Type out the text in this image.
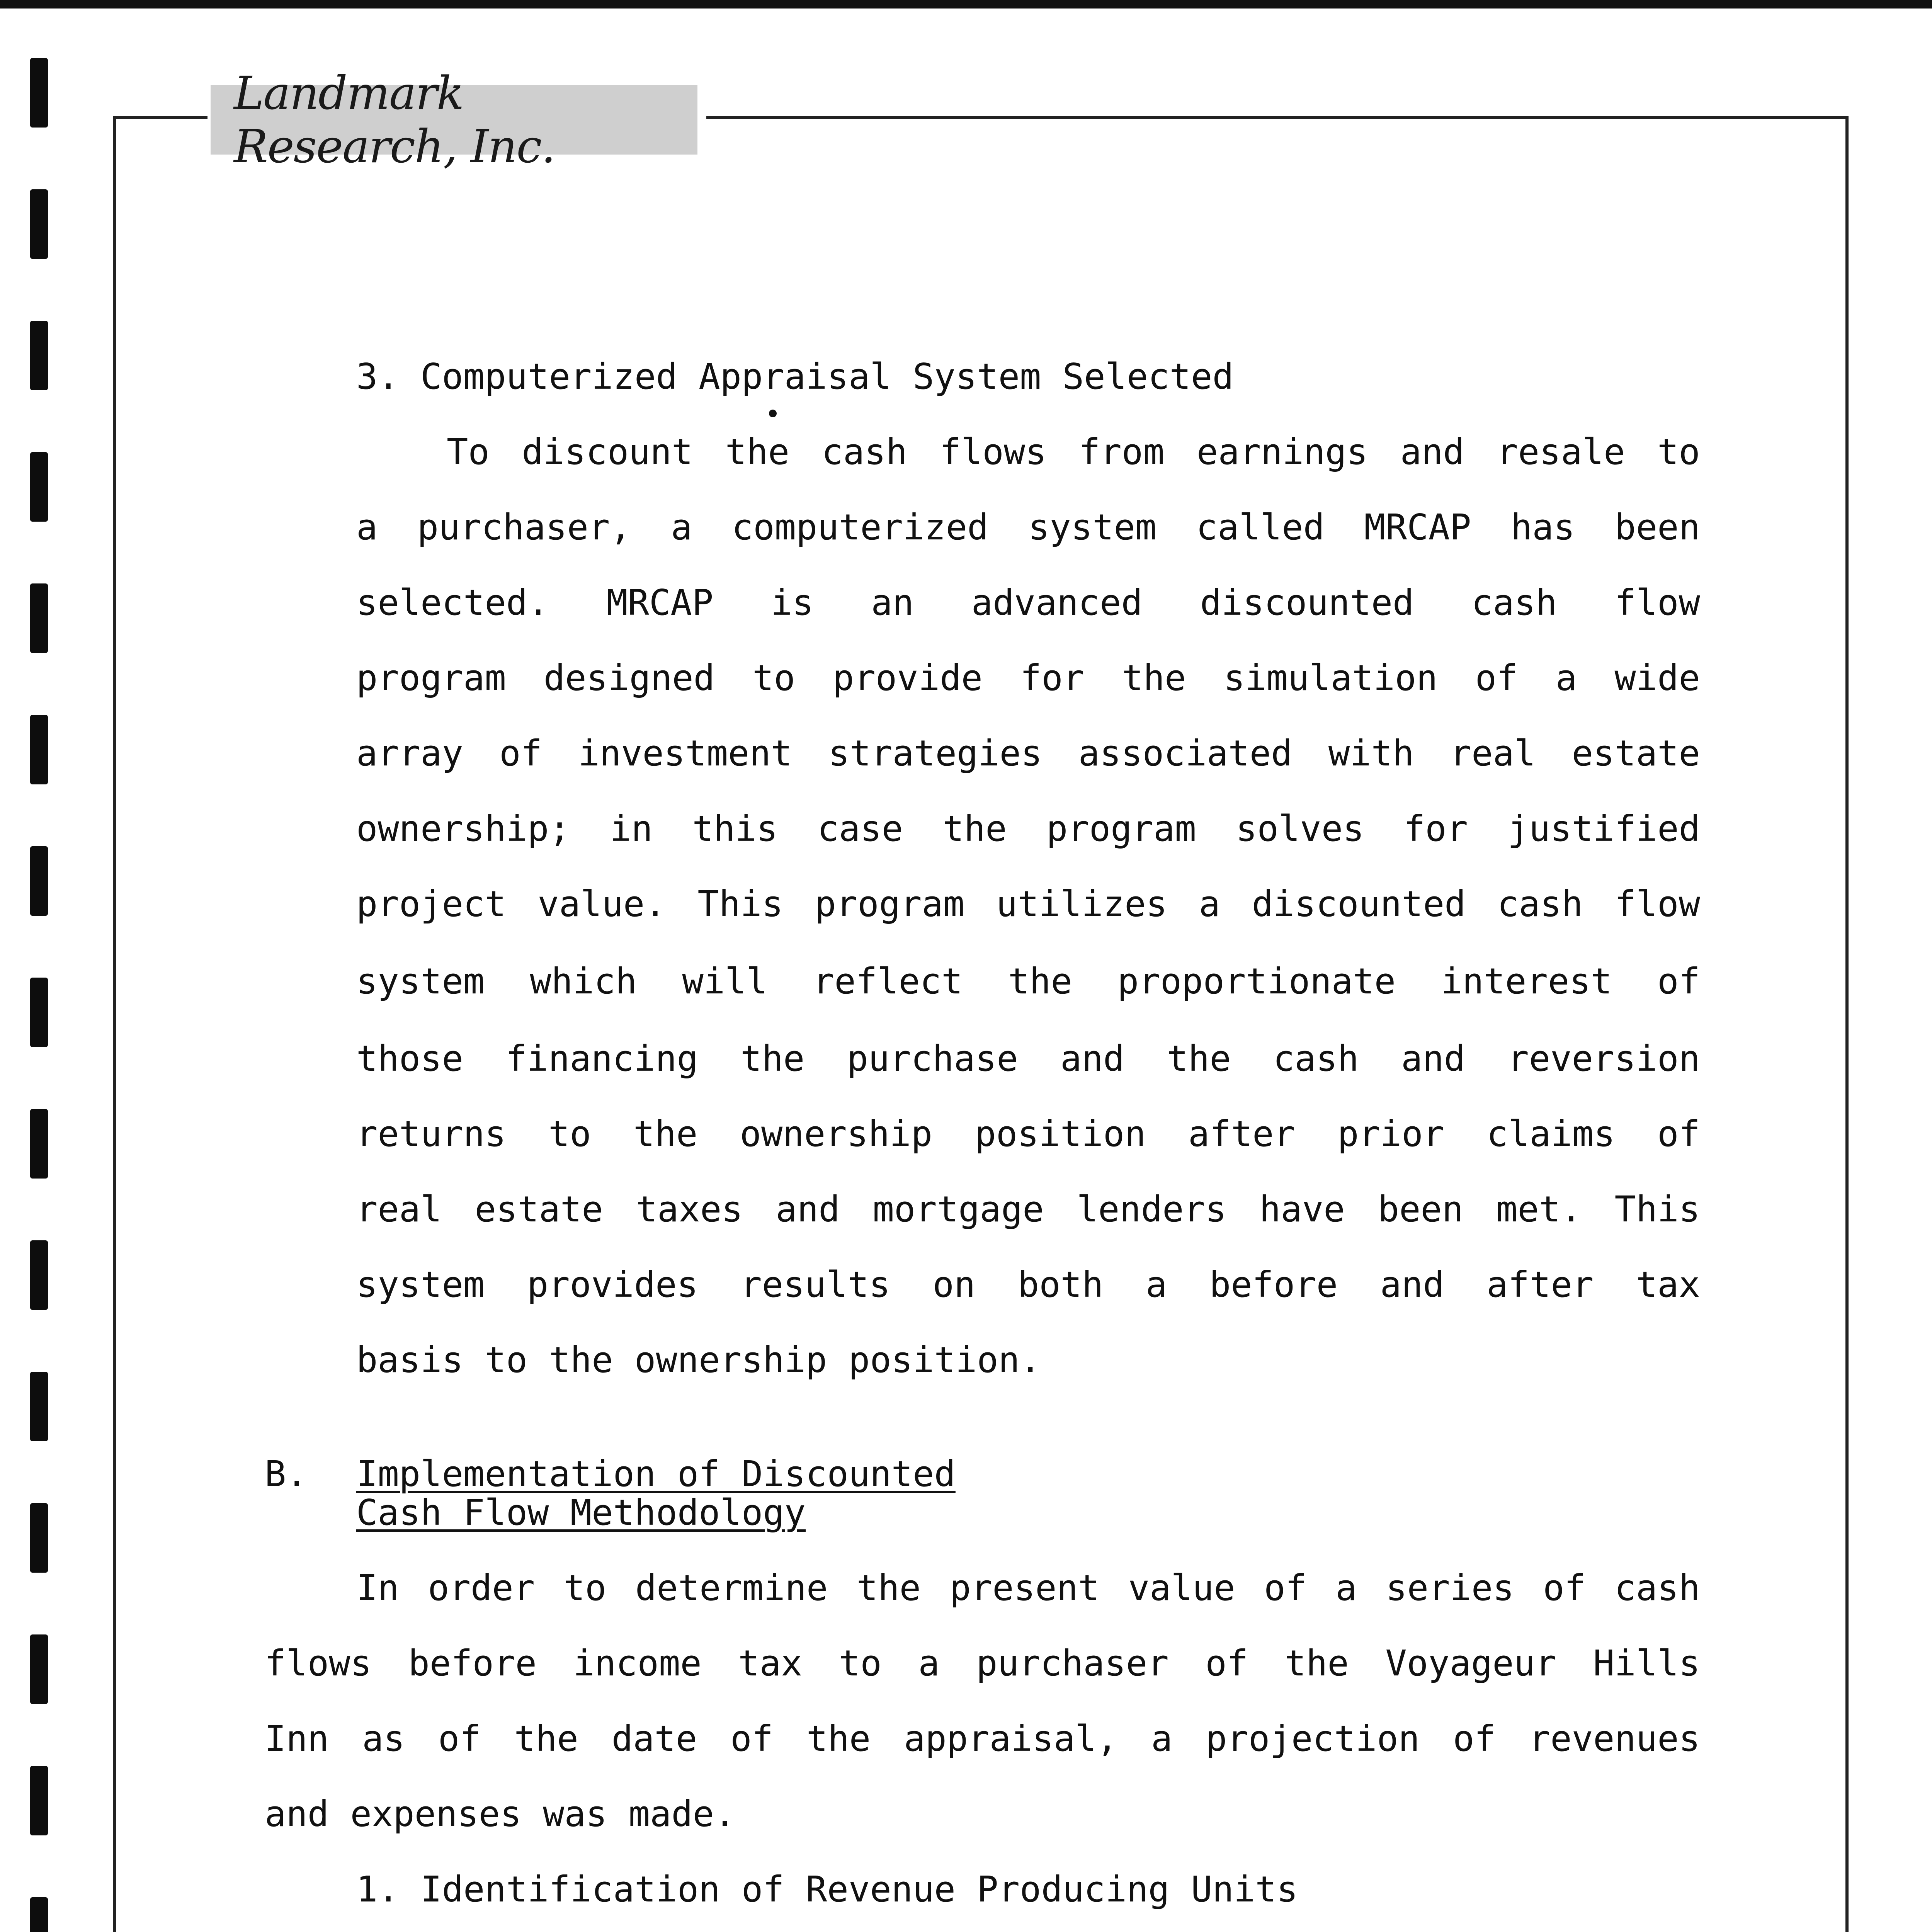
Landmark Research, Inc.
3. Computerized Appraisal System Selected
To discount the cash flows from earnings and resale to
a purchaser, a computerized system called MRCAP has been
selected. MRCAP is an advanced discounted cash flow
program designed to provide for the simulation of a wide
array of investment strategies associated with real estate
ownership; in this case the program solves for justified
project value. This program utilizes a discounted cash flow
system which will reflect the proportionate interest of
those financing the purchase and the cash and reversion
returns to the ownership position after prior claims of
real estate taxes and mortgage lenders have been met. This
system provides results on both a before and after tax
basis to the ownership position.
B. Implementation of Discounted
Cash Flow Methodology
In order to determine the present value of a series of cash
flows before income tax to a purchaser of the Voyageur Hills
Inn as of the date of the appraisal, a projection of revenues
and expenses was made.
1. Identification of Revenue Producing Units
